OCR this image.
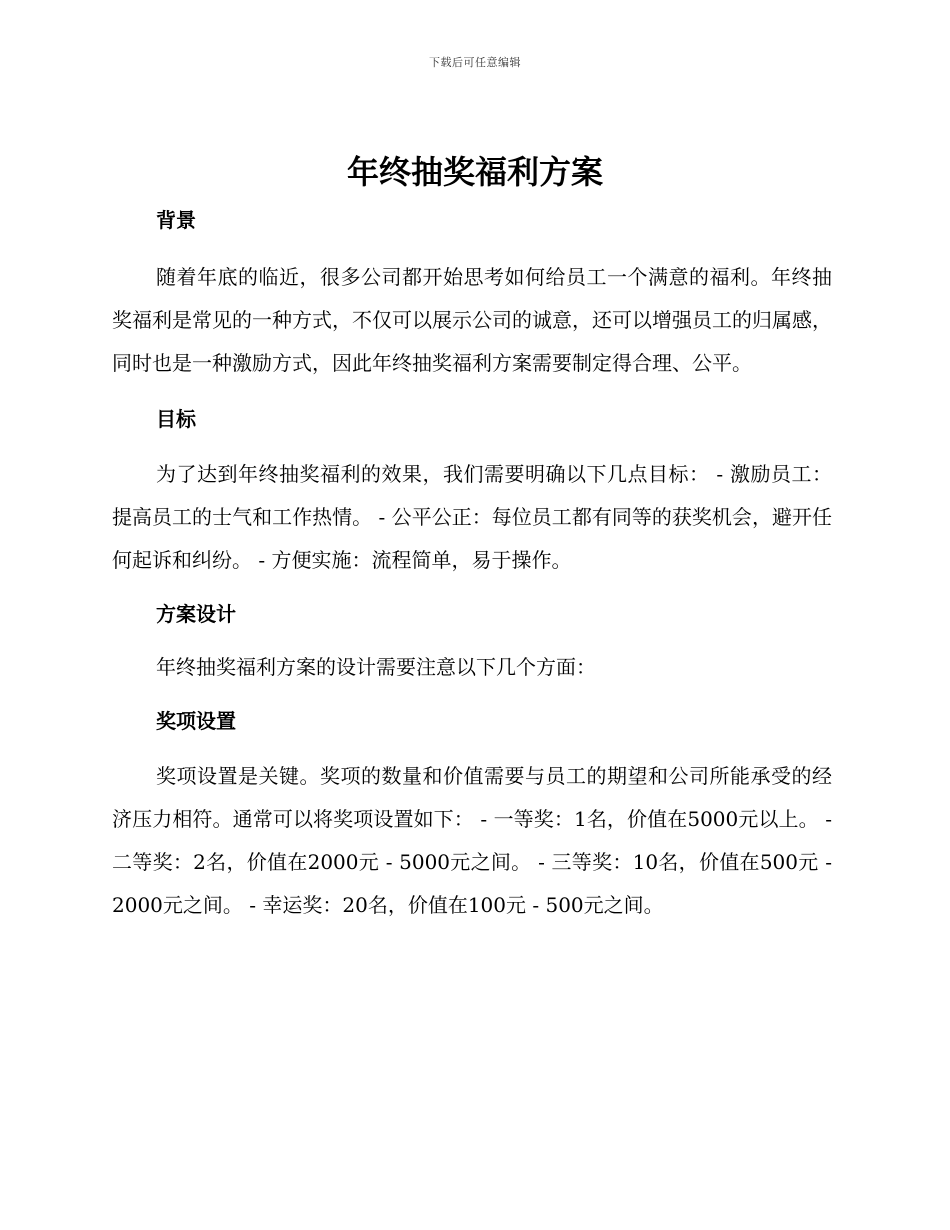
下载后可任意编辑
年终抽奖福利方案
背景

随着年底的临近，很多公司都开始思考如何给员工一个满意的福利。年终抽奖福利是常见的一种方式，不仅可以展示公司的诚意，还可以增强员工的归属感，同时也是一种激励方式，因此年终抽奖福利方案需要制定得合理、公平。

目标

为了达到年终抽奖福利的效果，我们需要明确以下几点目标： - 激励员工：提高员工的士气和工作热情。 - 公平公正：每位员工都有同等的获奖机会，避开任何起诉和纠纷。 - 方便实施：流程简单，易于操作。

方案设计

年终抽奖福利方案的设计需要注意以下几个方面：

奖项设置

奖项设置是关键。奖项的数量和价值需要与员工的期望和公司所能承受的经济压力相符。通常可以将奖项设置如下： - 一等奖：1名，价值在5000元以上。 - 二等奖：2名，价值在2000元 - 5000元之间。 - 三等奖：10名，价值在500元 - 2000元之间。 - 幸运奖：20名，价值在100元 - 500元之间。
